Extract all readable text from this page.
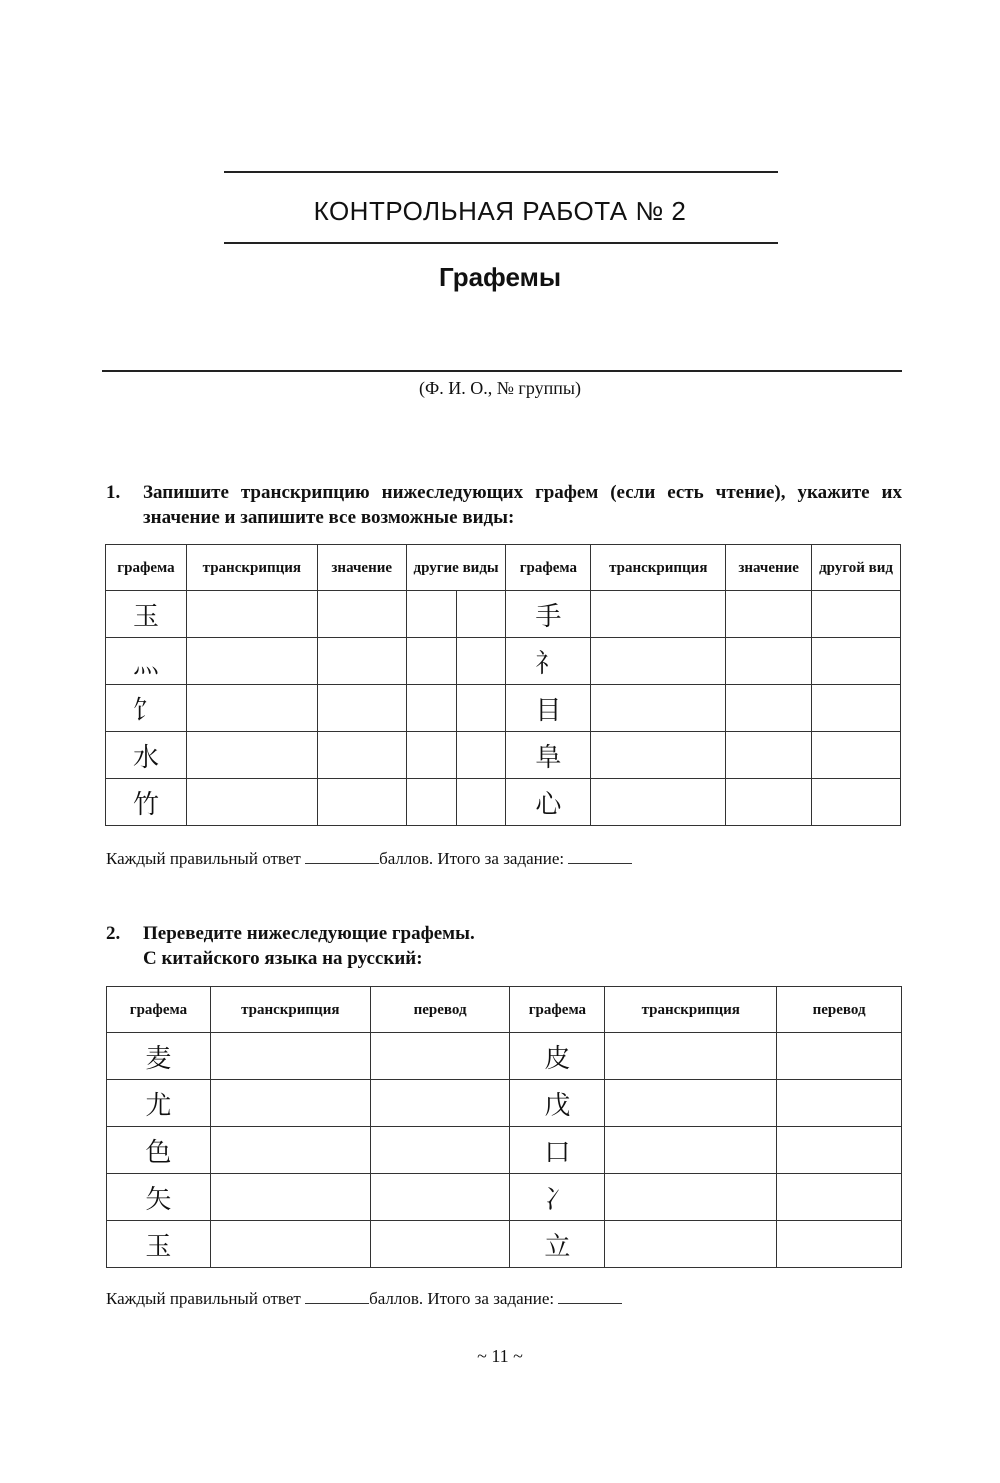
КОНТРОЛЬНАЯ РАБОТА № 2
Графемы
(Ф. И. О., № группы)
1. Запишите транскрипцию нижеследующих графем (если есть чтение), укажите их значение и запишите все возможные виды:
графема	транскрипция	значение	другие виды		графема	транскрипция	значение	другой вид
玉					手			
灬					礻			
饣					目			
水					阜			
竹					心			
Каждый правильный ответ	баллов. Итого за задание:
2. Переведите нижеследующие графемы.
С китайского языка на русский:
графема	транскрипция	перевод	графема	транскрипция	перевод
麦			皮		
尤			戊		
色			口		
矢			冫		
玉			立		
Каждый правильный ответ	баллов. Итого за задание:
~ 11 ~
